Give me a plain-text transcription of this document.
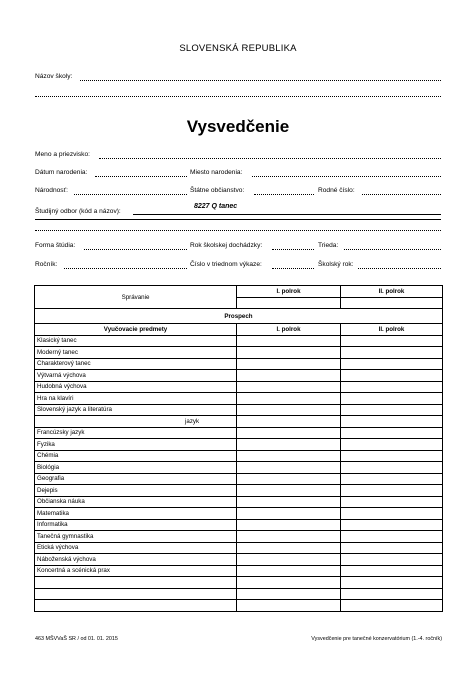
SLOVENSKÁ REPUBLIKA
Názov školy:
Vysvedčenie
Meno a priezvisko:
Dátum narodenia:	Miesto narodenia:
Národnosť:	Štátne občianstvo:	Rodné číslo:
Študijný odbor (kód a názov):
8227 Q tanec
Forma štúdia:	Rok školskej dochádzky:	Trieda:
Ročník:	Číslo v triednom výkaze:	Školský rok:
Správanie	I. polrok	II. polrok

Prospech		
Vyučovacie predmety	I. polrok	II. polrok
Klasický tanec		
Moderný tanec		
Charakterový tanec		
Výtvarná výchova		
Hudobná výchova		
Hra na klavíri		
Slovenský jazyk a literatúra		
jazyk		
Francúzsky jazyk		
Fyzika		
Chémia		
Biológia		
Geografia		
Dejepis		
Občianska náuka		
Matematika		
Informatika		
Tanečná gymnastika		
Etická výchova		
Náboženská výchova		
Koncertná a scénická prax		

463 MŠVVaŠ SR / od 01. 01. 2015	Vysvedčenie pre tanečné konzervatórium (1.-4. ročník)
